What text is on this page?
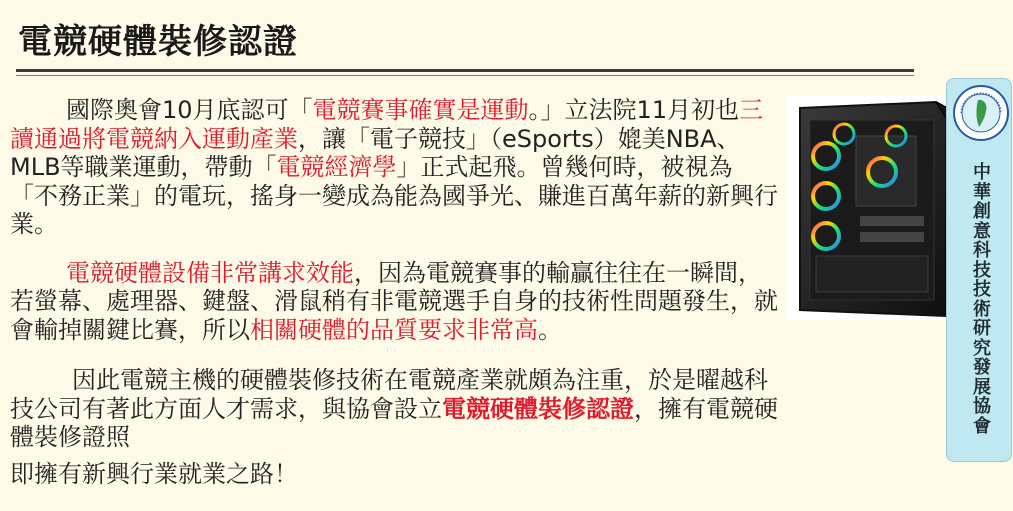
電競硬體裝修認證

國際奧會10月底認可「電競賽事確實是運動。」立法院11月初也三讀通過將電競納入運動產業，讓「電子競技」（eSports）媲美NBA、MLB等職業運動，帶動「電競經濟學」正式起飛。曾幾何時，被視為「不務正業」的電玩，搖身一變成為能為國爭光、賺進百萬年薪的新興行業。

電競硬體設備非常講求效能，因為電競賽事的輸贏往往在一瞬間，若螢幕、處理器、鍵盤、滑鼠稍有非電競選手自身的技術性問題發生，就會輸掉關鍵比賽，所以相關硬體的品質要求非常高。

因此電競主機的硬體裝修技術在電競產業就頗為注重，於是曜越科技公司有著此方面人才需求，與協會設立電競硬體裝修認證，擁有電競硬體裝修證照

即擁有新興行業就業之路！

中華創意科技技術研究發展協會
